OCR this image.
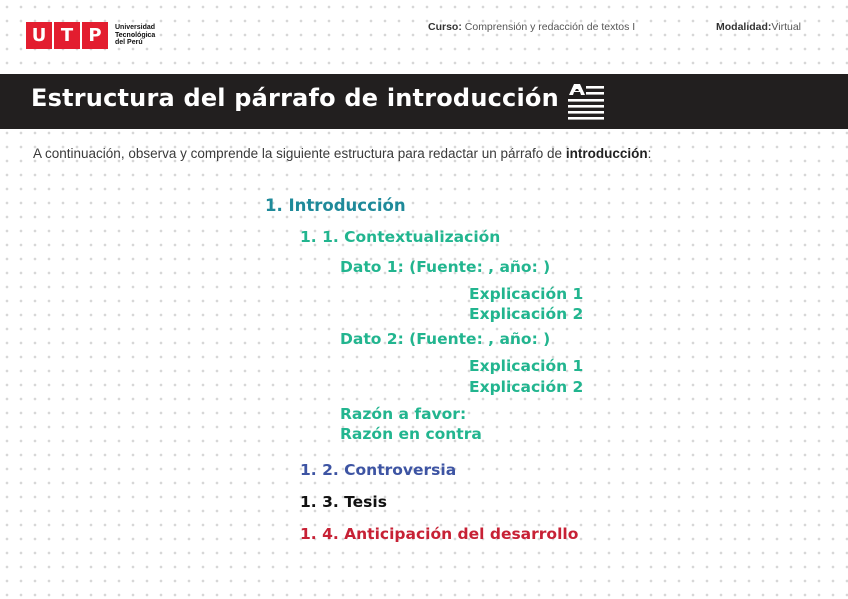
U T P	Universidad
Tecnológica
del Perú
Curso: Comprensión y redacción de textos I	Modalidad:Virtual
Estructura del párrafo de introducción
A continuación, observa y comprende la siguiente estructura para redactar un párrafo de introducción:
1. Introducción
1. 1. Contextualización
Dato 1: (Fuente: , año: )
Explicación 1
Explicación 2
Dato 2: (Fuente: , año: )
Explicación 1
Explicación 2
Razón a favor:
Razón en contra
1. 2. Controversia
1. 3. Tesis
1. 4. Anticipación del desarrollo
